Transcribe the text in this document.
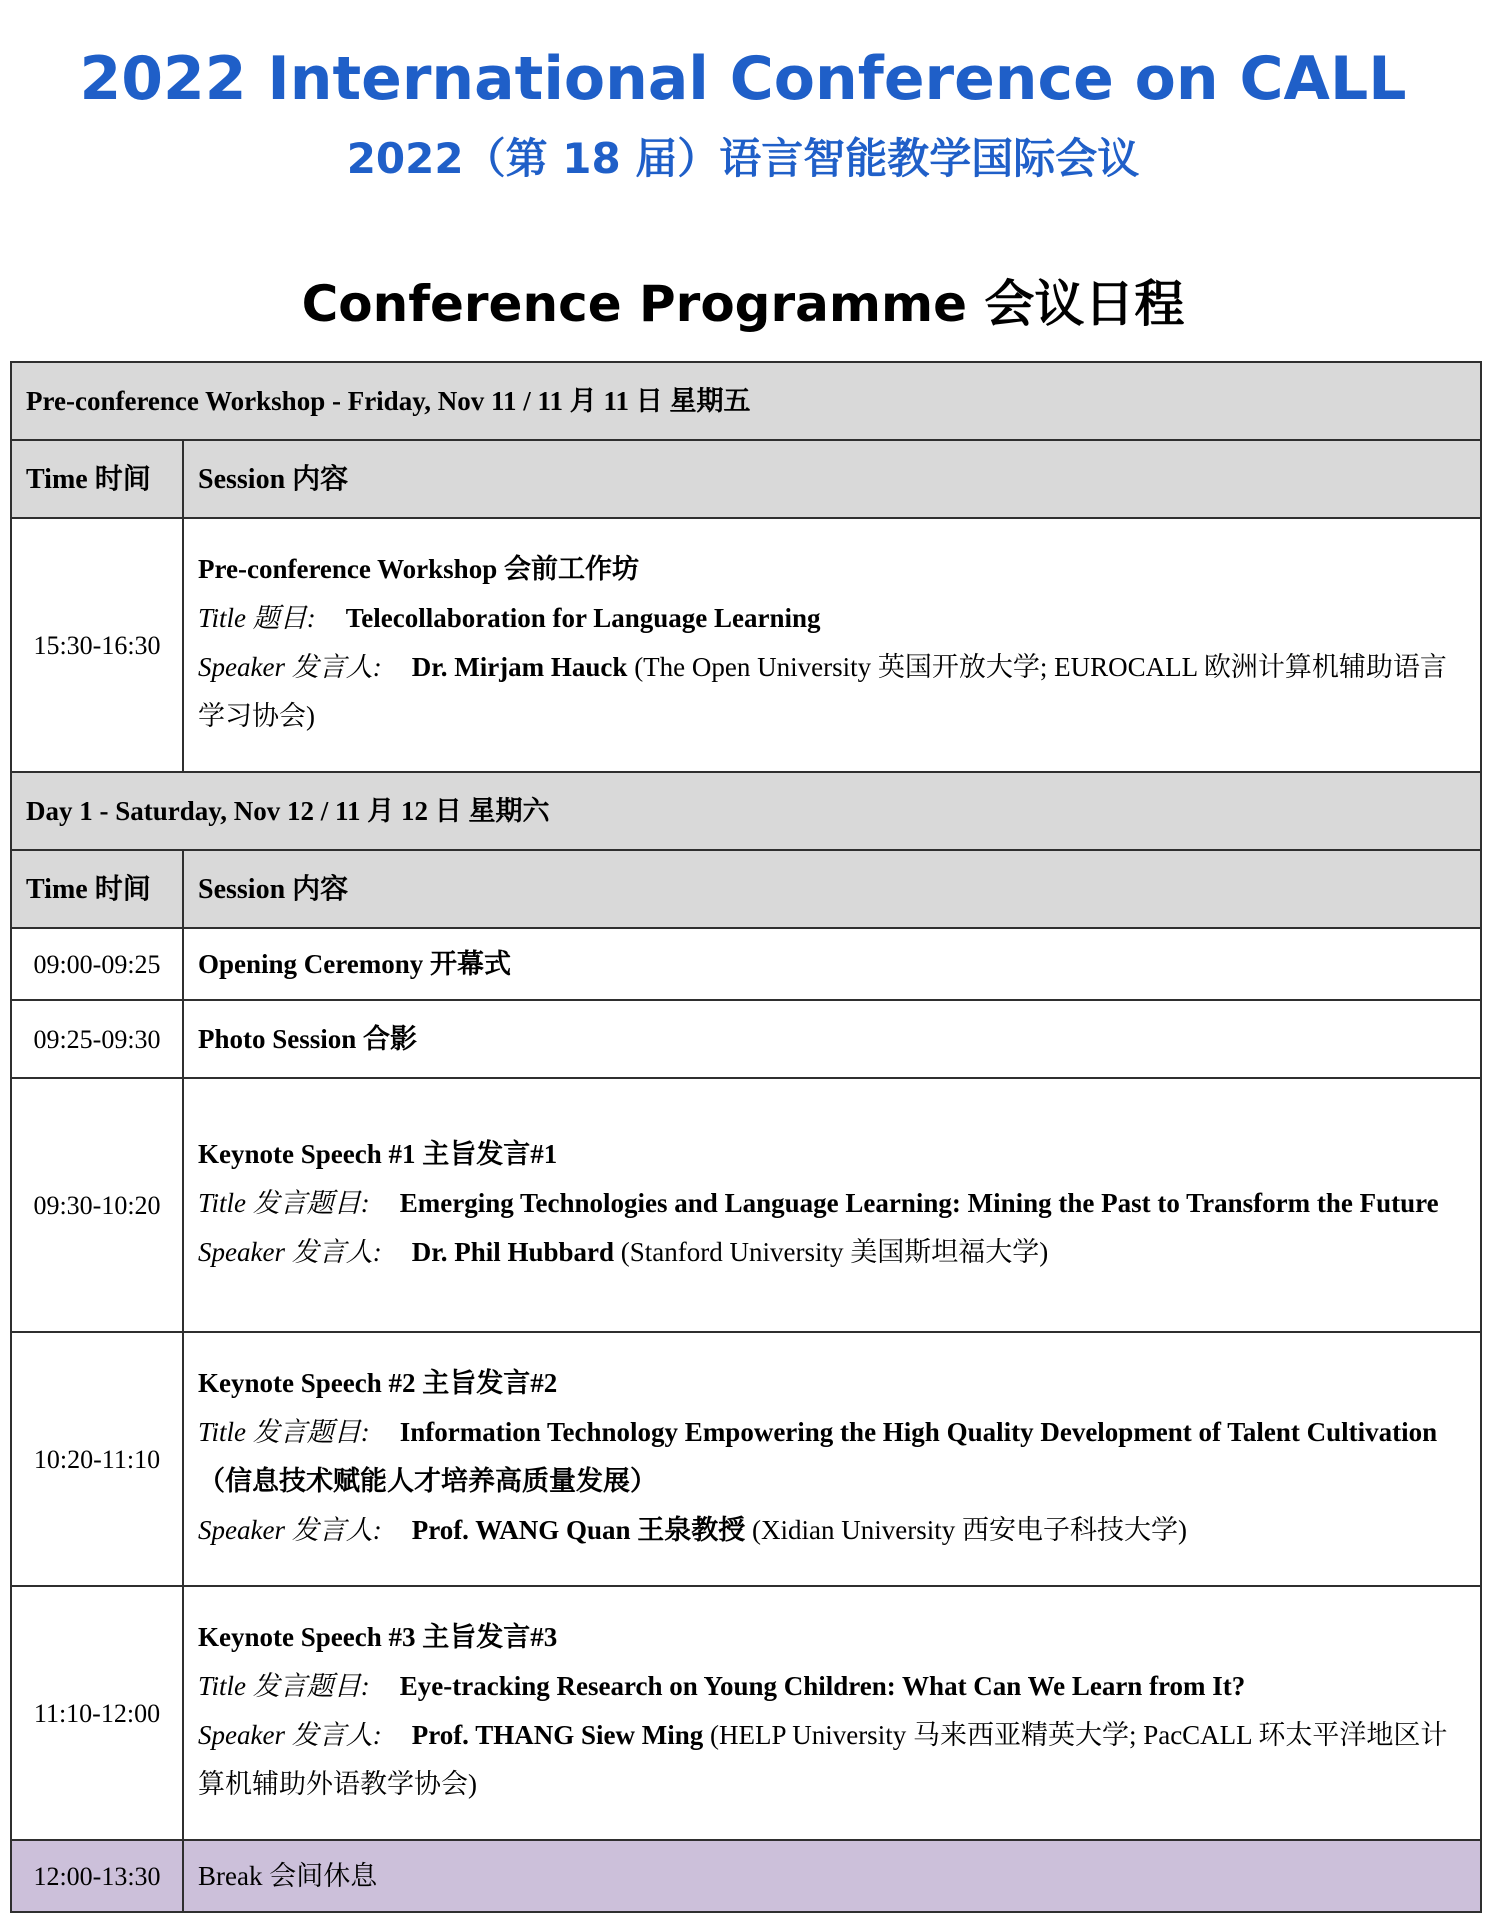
2022 International Conference on CALL
2022（第 18 届）语言智能教学国际会议
Conference Programme 会议日程
Pre-conference Workshop - Friday, Nov 11 / 11 月 11 日 星期五	
Time 时间	Session 内容
15:30-16:30	Pre-conference Workshop 会前工作坊
Title 题目: Telecollaboration for Language Learning
Speaker 发言人: Dr. Mirjam Hauck (The Open University 英国开放大学; EUROCALL 欧洲计算机辅助语言学习协会)

Day 1 - Saturday, Nov 12 / 11 月 12 日 星期六	
Time 时间	Session 内容
09:00-09:25	Opening Ceremony 开幕式
09:25-09:30	Photo Session 合影
09:30-10:20	Keynote Speech #1 主旨发言#1
Title 发言题目: Emerging Technologies and Language Learning: Mining the Past to Transform the Future
Speaker 发言人: Dr. Phil Hubbard (Stanford University 美国斯坦福大学)

10:20-11:10	Keynote Speech #2 主旨发言#2
Title 发言题目: Information Technology Empowering the High Quality Development of Talent Cultivation（信息技术赋能人才培养高质量发展）
Speaker 发言人: Prof. WANG Quan 王泉教授 (Xidian University 西安电子科技大学)

11:10-12:00	Keynote Speech #3 主旨发言#3
Title 发言题目: Eye-tracking Research on Young Children: What Can We Learn from It?
Speaker 发言人: Prof. THANG Siew Ming (HELP University 马来西亚精英大学; PacCALL 环太平洋地区计算机辅助外语教学协会)

12:00-13:30	Break 会间休息
